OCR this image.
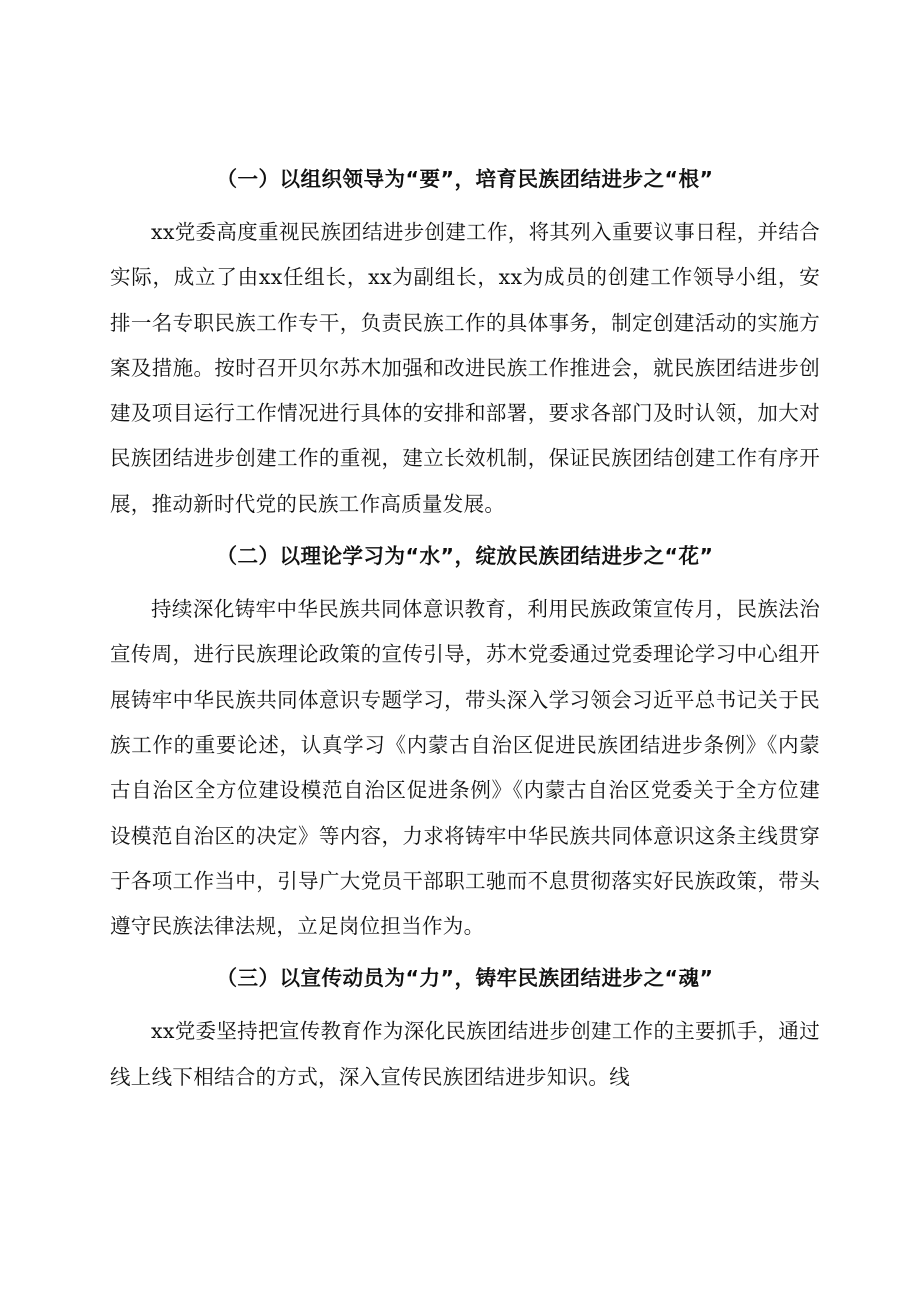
（一）以组织领导为“要”，培育民族团结进步之“根”

xx党委高度重视民族团结进步创建工作，将其列入重要议事日程，并结合实际，成立了由xx任组长，xx为副组长，xx为成员的创建工作领导小组，安排一名专职民族工作专干，负责民族工作的具体事务，制定创建活动的实施方案及措施。按时召开贝尔苏木加强和改进民族工作推进会，就民族团结进步创建及项目运行工作情况进行具体的安排和部署，要求各部门及时认领，加大对民族团结进步创建工作的重视，建立长效机制，保证民族团结创建工作有序开展，推动新时代党的民族工作高质量发展。

（二）以理论学习为“水”，绽放民族团结进步之“花”

持续深化铸牢中华民族共同体意识教育，利用民族政策宣传月，民族法治宣传周，进行民族理论政策的宣传引导，苏木党委通过党委理论学习中心组开展铸牢中华民族共同体意识专题学习，带头深入学习领会习近平总书记关于民族工作的重要论述，认真学习《内蒙古自治区促进民族团结进步条例》《内蒙古自治区全方位建设模范自治区促进条例》《内蒙古自治区党委关于全方位建设模范自治区的决定》等内容，力求将铸牢中华民族共同体意识这条主线贯穿于各项工作当中，引导广大党员干部职工驰而不息贯彻落实好民族政策，带头遵守民族法律法规，立足岗位担当作为。

（三）以宣传动员为“力”，铸牢民族团结进步之“魂”

xx党委坚持把宣传教育作为深化民族团结进步创建工作的主要抓手，通过线上线下相结合的方式，深入宣传民族团结进步知识。线
